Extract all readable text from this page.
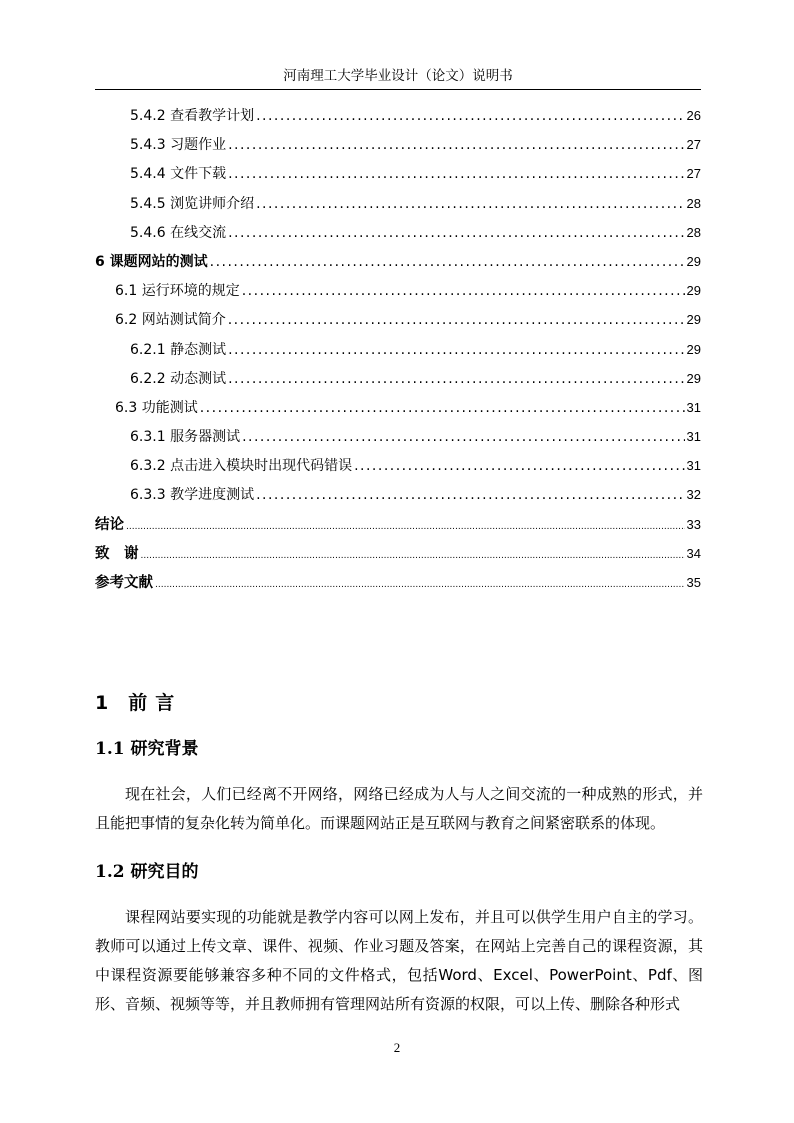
河南理工大学毕业设计（论文）说明书
5.4.2 查看教学计划 .....	26
5.4.3 习题作业 .....	27
5.4.4 文件下载 .....	27
5.4.5 浏览讲师介绍 .....	28
5.4.6 在线交流 .....	28
6 课题网站的测试 .....	29
6.1 运行环境的规定 .....	29
6.2 网站测试简介 .....	29
6.2.1 静态测试 .....	29
6.2.2 动态测试 .....	29
6.3 功能测试 .....	31
6.3.1 服务器测试 .....	31
6.3.2 点击进入模块时出现代码错误 .....	31
6.3.3 教学进度测试 .....	32
结论 .....	33
致　谢 .....	34
参考文献 .....	35
1 前言
1.1 研究背景
现在社会，人们已经离不开网络，网络已经成为人与人之间交流的一种成熟的形式，并且能把事情的复杂化转为简单化。而课题网站正是互联网与教育之间紧密联系的体现。
1.2 研究目的
课程网站要实现的功能就是教学内容可以网上发布，并且可以供学生用户自主的学习。教师可以通过上传文章、课件、视频、作业习题及答案，在网站上完善自己的课程资源，其中课程资源要能够兼容多种不同的文件格式，包括Word、Excel、PowerPoint、Pdf、图形、音频、视频等等，并且教师拥有管理网站所有资源的权限，可以上传、删除各种形式
2
